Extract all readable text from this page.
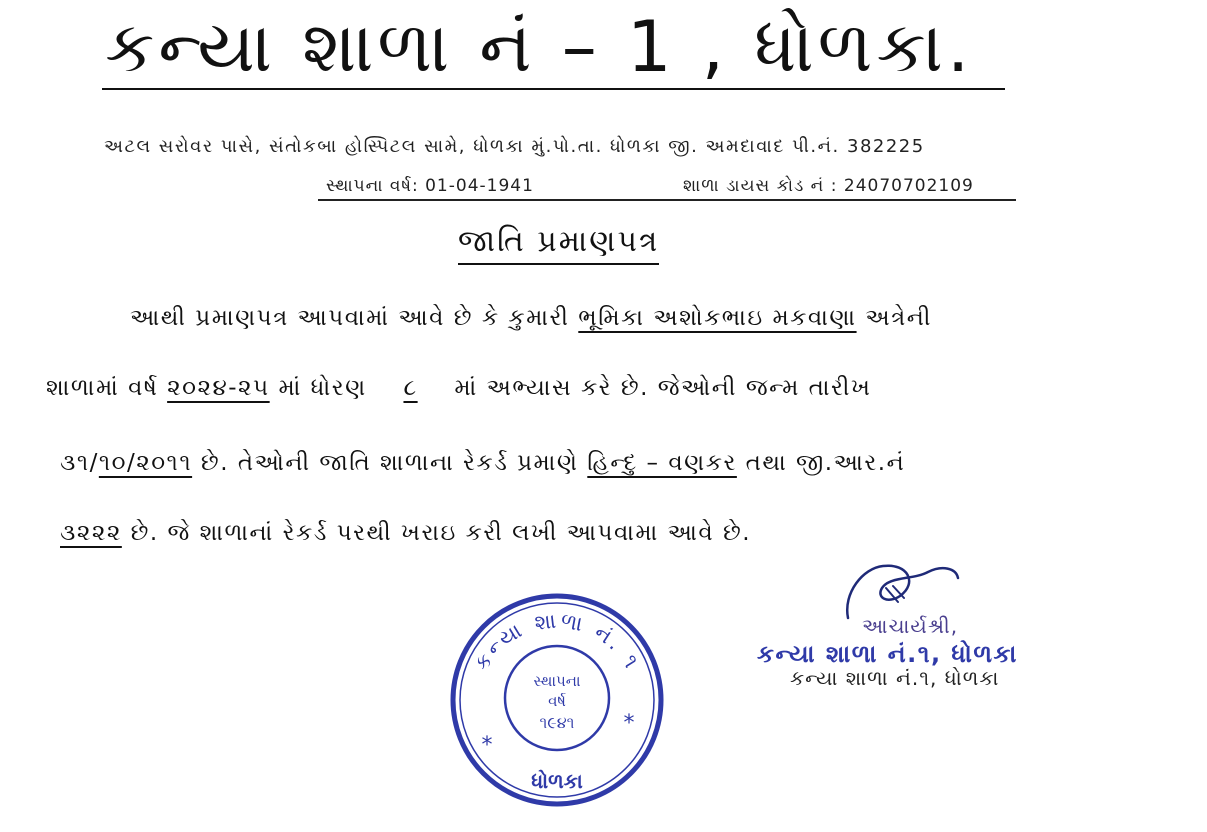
કન્યા શાળા નં – 1 , ધોળકા.
અટલ સરોવર પાસે, સંતોકબા હોસ્પિટલ સામે, ધોળકા મું.પો.તા. ધોળકા જી. અમદાવાદ પી.નં. 382225
સ્થાપના વર્ષ: 01-04-1941	શાળા ડાયસ કોડ નં : 24070702109
જાતિ પ્રમાણપત્ર
આથી પ્રમાણપત્ર આપવામાં આવે છે કે કુમારી ભૂમિકા અશોકભાઇ મકવાણા અત્રેની
શાળામાં વર્ષ ૨૦૨૪-૨૫ માં ધોરણ ૮ માં અભ્યાસ કરે છે. જેઓની જન્મ તારીખ
૩૧/૧૦/૨૦૧૧ છે. તેઓની જાતિ શાળાના રેકર્ડ પ્રમાણે હિન્દુ – વણકર તથા જી.આર.નં
૩૨૨૨ છે. જે શાળાનાં રેકર્ડ પરથી ખરાઇ કરી લખી આપવામા આવે છે.
કન્યા શાળા નં. ૧
સ્થાપના
વર્ષ
૧૯૪૧
*
*
ધોળકા
આચાર્યશ્રી,
કન્યા શાળા નં.૧, ધોળકા
કન્યા શાળા નં.૧, ધોળકા
